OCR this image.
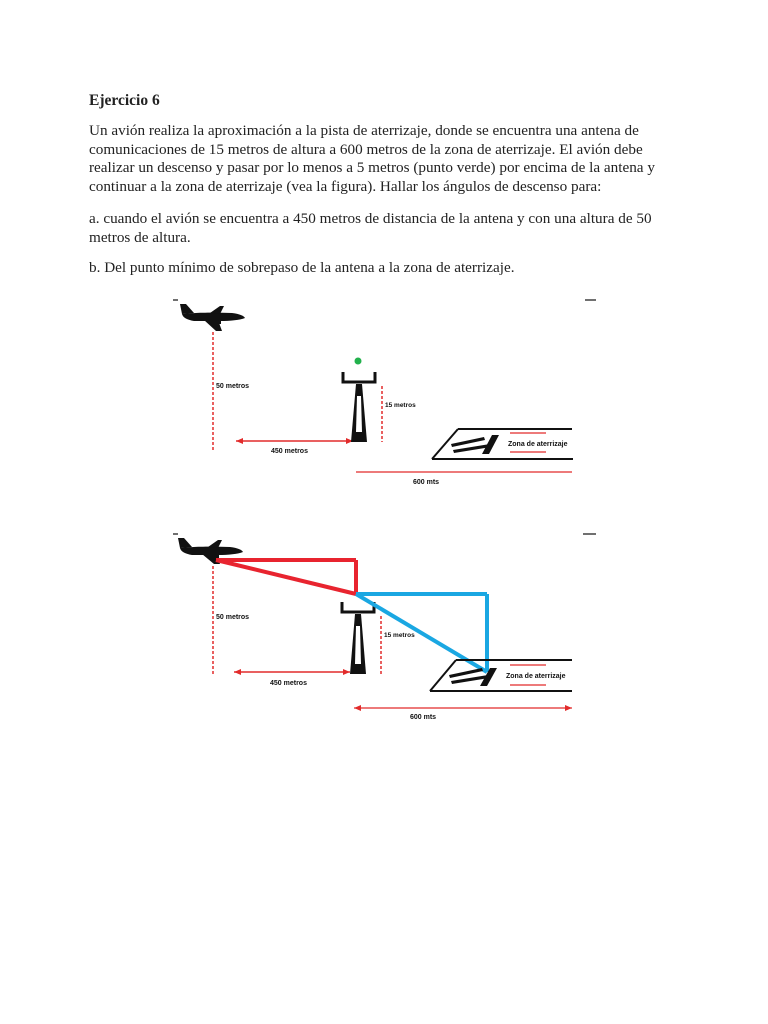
Ejercicio 6

Un avión realiza la aproximación a la pista de aterrizaje, donde se encuentra una antena de comunicaciones de 15 metros de altura a 600 metros de la zona de aterrizaje. El avión debe realizar un descenso y pasar por lo menos a 5 metros (punto verde) por encima de la antena y continuar a la zona de aterrizaje (vea la figura). Hallar los ángulos de descenso para:

a. cuando el avión se encuentra a 450 metros de distancia de la antena y con una altura de 50 metros de altura.

b. Del punto mínimo de sobrepaso de la antena a la zona de aterrizaje.

50 metros
450 metros
15 metros
Zona de aterrizaje
600 mts
50 metros
450 metros
15 metros
Zona de aterrizaje
600 mts
